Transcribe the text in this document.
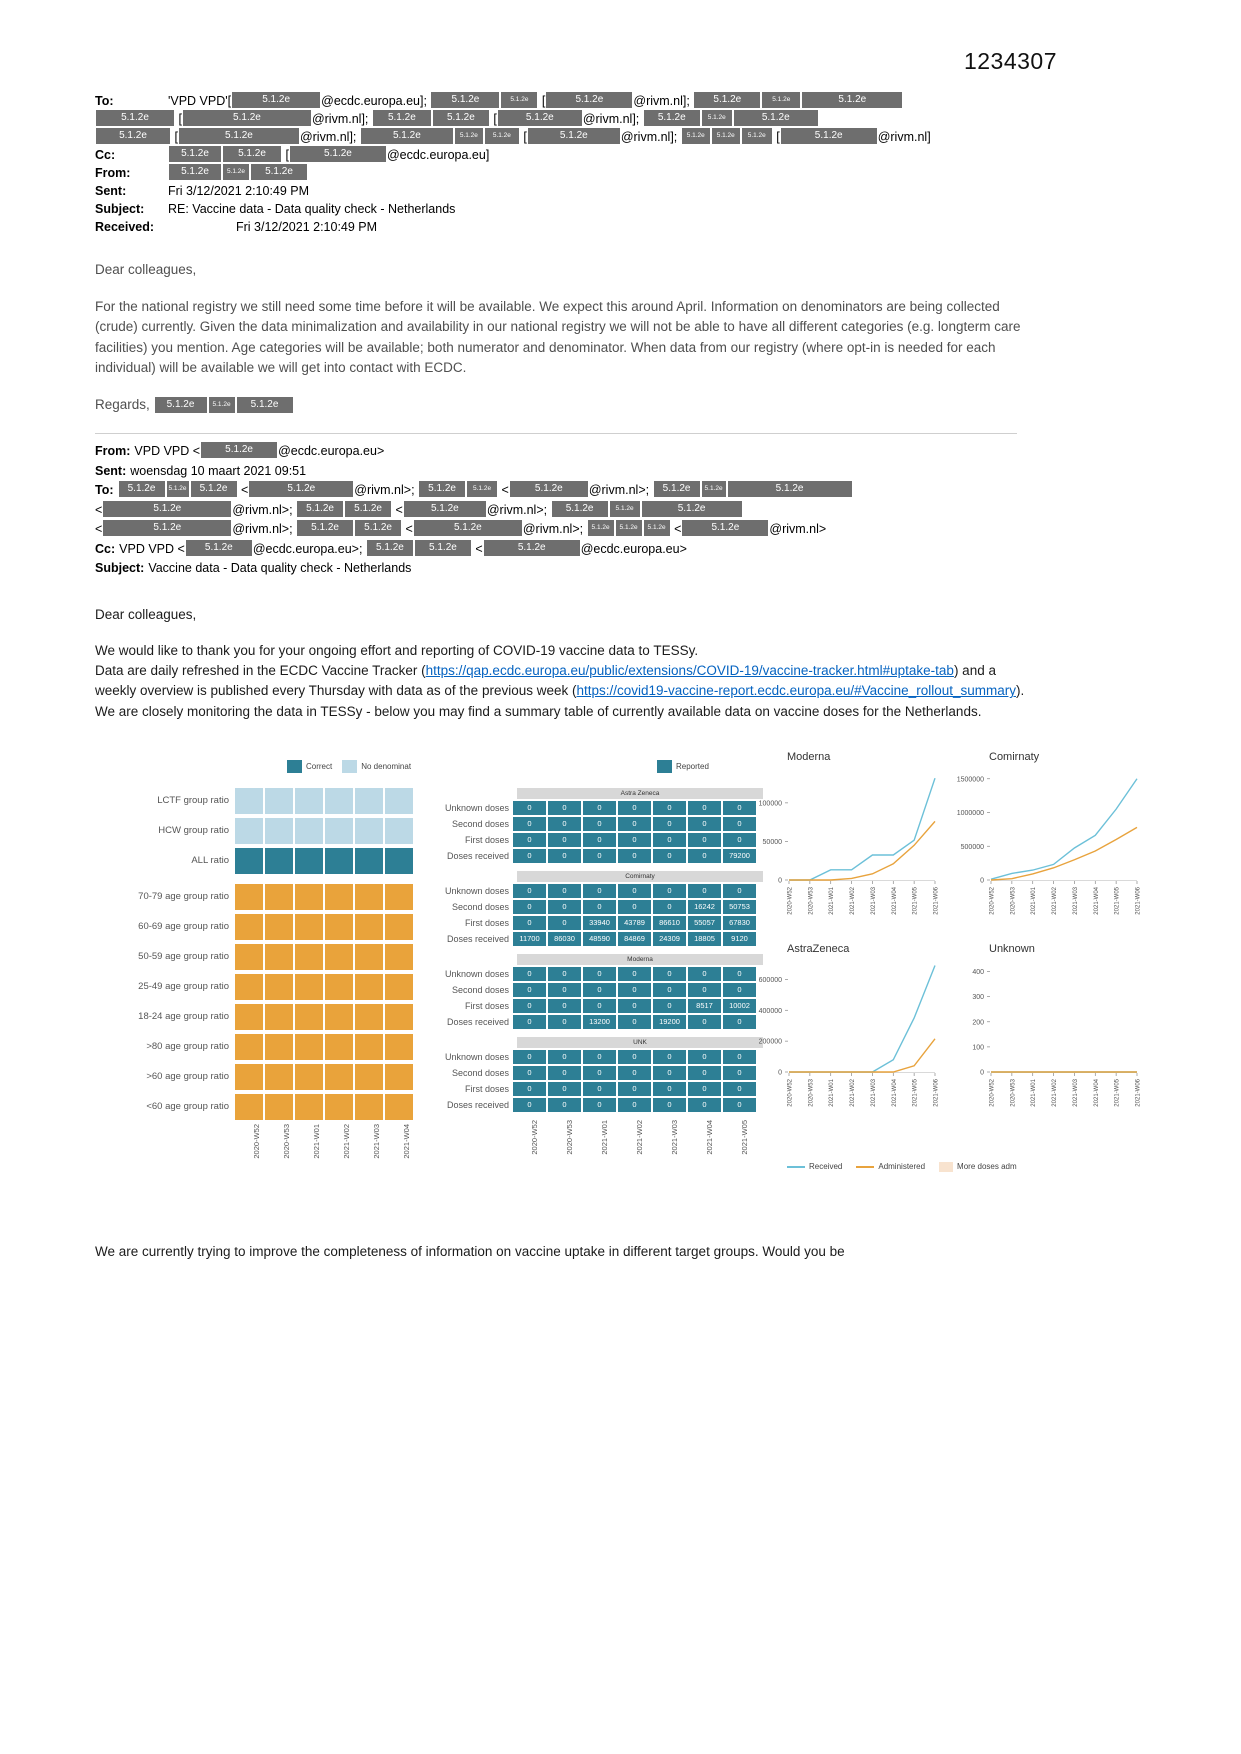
1234307
To:	'VPD VPD'[	5.1.2e @ecdc.europa.eu]; 5.1.2e	5.1.2e [	5.1.2e @rivm.nl]; 5.1.2e	5.1.2e	5.1.2e
5.1.2e [	5.1.2e	@rivm.nl]; 5.1.2e	5.1.2e [	5.1.2e @rivm.nl]; 5.1.2e	5.1.2e	5.1.2e
5.1.2e [	5.1.2e	@rivm.nl];	5.1.2e	5.1.2e 5.1.2e [	5.1.2e	@rivm.nl]; 5.1.2e 5.1.2e 5.1.2e [	5.1.2e	@rivm.nl]
Cc:	5.1.2e	5.1.2e [	5.1.2e	@ecdc.europa.eu]
From:	5.1.2e	5.1.2e 5.1.2e
Sent:	Fri 3/12/2021 2:10:49 PM
Subject: RE: Vaccine data - Data quality check - Netherlands
Received:	Fri 3/12/2021 2:10:49 PM
Dear colleagues,
For the national registry we still need some time before it will be available. We expect this around April. Information on denominators are being collected (crude) currently. Given the data minimalization and availability in our national registry we will not be able to have all different categories (e.g. longterm care facilities) you mention. Age categories will be available; both numerator and denominator. When data from our registry (where opt-in is needed for each individual) will be available we will get into contact with ECDC.
Regards, 5.1.2e	5.1.2e 5.1.2e
From: VPD VPD <	5.1.2e @ecdc.europa.eu>
Sent: woensdag 10 maart 2021 09:51
To: 5.1.2e 5.1.2e 5.1.2e <	5.1.2e	@rivm.nl>; 5.1.2e	5.1.2e <	5.1.2e @rivm.nl>; 5.1.2e 5.1.2e	5.1.2e
<	5.1.2e	@rivm.nl>; 5.1.2e 5.1.2e <	5.1.2e @rivm.nl>; 5.1.2e	5.1.2e	5.1.2e
<	5.1.2e	@rivm.nl>; 5.1.2e	5.1.2e <	5.1.2e	@rivm.nl>; 5.1.2e 5.1.2e 5.1.2e <	5.1.2e @rivm.nl>
Cc: VPD VPD < 5.1.2e @ecdc.europa.eu>; 5.1.2e	5.1.2e <	5.1.2e	@ecdc.europa.eu>
Subject: Vaccine data - Data quality check - Netherlands
Dear colleagues,
We would like to thank you for your ongoing effort and reporting of COVID-19 vaccine data to TESSy.
Data are daily refreshed in the ECDC Vaccine Tracker (https://qap.ecdc.europa.eu/public/extensions/COVID-19/vaccine-tracker.html#uptake-tab) and a weekly overview is published every Thursday with data as of the previous week (https://covid19-vaccine-report.ecdc.europa.eu/#Vaccine_rollout_summary).
We are closely monitoring the data in TESSy - below you may find a summary table of currently available data on vaccine doses for the Netherlands.
Correct	No denominat	Reported
LCTF group ratio
HCW group ratio
ALL ratio
70-79 age group ratio
60-69 age group ratio
50-59 age group ratio
25-49 age group ratio
18-24 age group ratio
>80 age group ratio
>60 age group ratio
<60 age group ratio
2020-W52	2020-W53	2021-W01	2021-W02	2021-W03	2021-W04
Astra Zeneca
Unknown doses	0	0	0	0	0	0	0
Second doses	0	0	0	0	0	0	0
First doses	0	0	0	0	0	0	0
Doses received	0	0	0	0	0	0	79200
Comirnaty
Unknown doses	0	0	0	0	0	0	0
Second doses	0	0	0	0	0	16242	50753
First doses	0	0	33940	43789	86610	55057	67830
Doses received	11700	86030	48590	84869	24309	18805	9120
Moderna
Unknown doses	0	0	0	0	0	0	0
Second doses	0	0	0	0	0	0	0
First doses	0	0	0	0	0	8517	10002
Doses received	0	0	13200	0	19200	0	0
UNK
Unknown doses	0	0	0	0	0	0	0
Second doses	0	0	0	0	0	0	0
First doses	0	0	0	0	0	0	0
Doses received	0	0	0	0	0	0	0
2020-W52	2020-W53	2021-W01	2021-W02	2021-W03	2021-W04	2021-W05
Moderna
0
50000
100000
2020-W52 2020-W53 2021-W01 2021-W02 2021-W03 2021-W04 2021-W05 2021-W06
Comirnaty
0
500000
1000000
1500000
2020-W52 2020-W53 2021-W01 2021-W02 2021-W03 2021-W04 2021-W05 2021-W06
AstraZeneca
0
200000
400000
600000
2020-W52 2020-W53 2021-W01 2021-W02 2021-W03 2021-W04 2021-W05 2021-W06
Unknown
0
100
200
300
400
2020-W52 2020-W53 2021-W01 2021-W02 2021-W03 2021-W04 2021-W05 2021-W06
Received	Administered	More doses adm
We are currently trying to improve the completeness of information on vaccine uptake in different target groups. Would you be
